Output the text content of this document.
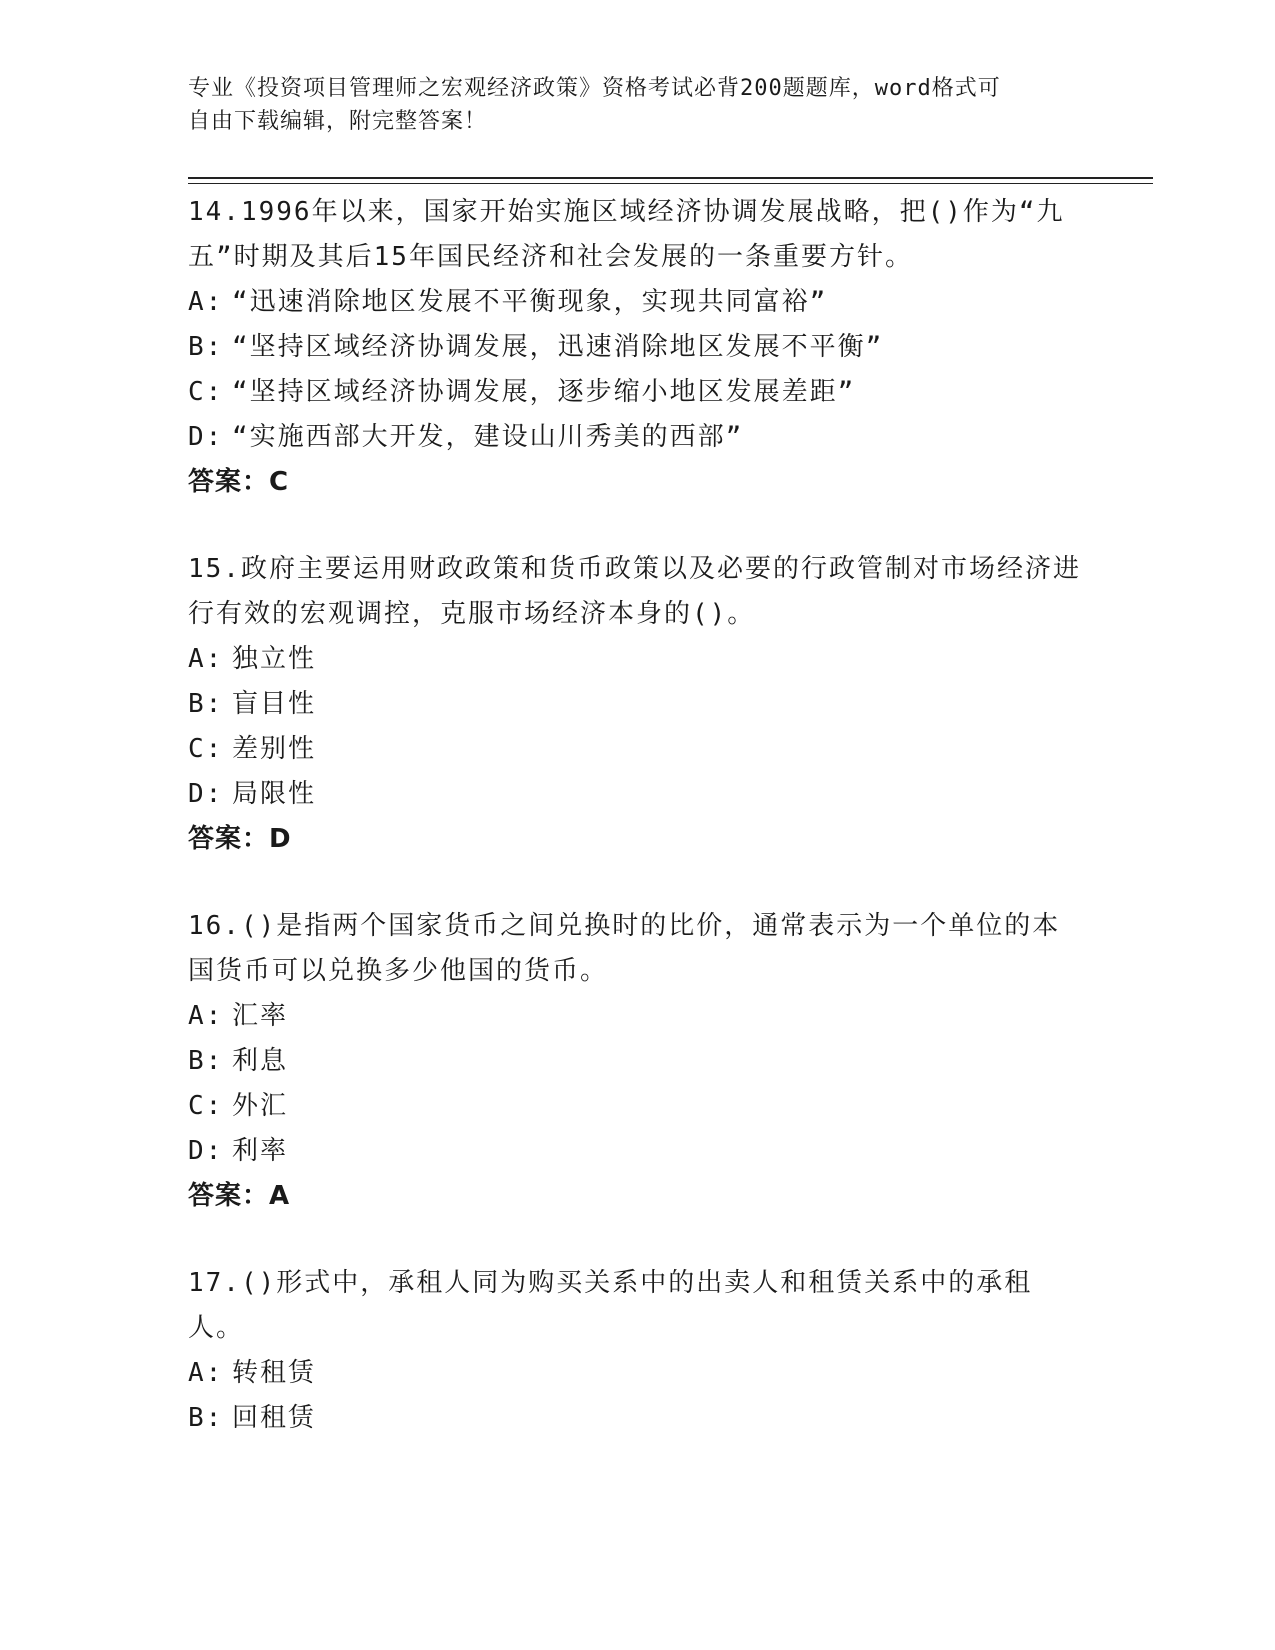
专业《投资项目管理师之宏观经济政策》资格考试必背200题题库，word格式可
自由下载编辑，附完整答案！
14.1996年以来，国家开始实施区域经济协调发展战略，把()作为“九五”时期及其后15年国民经济和社会发展的一条重要方针。
A: “迅速消除地区发展不平衡现象，实现共同富裕”
B: “坚持区域经济协调发展，迅速消除地区发展不平衡”
C: “坚持区域经济协调发展，逐步缩小地区发展差距”
D: “实施西部大开发，建设山川秀美的西部”
答案：C
15.政府主要运用财政政策和货币政策以及必要的行政管制对市场经济进行有效的宏观调控，克服市场经济本身的()。
A: 独立性
B: 盲目性
C: 差别性
D: 局限性
答案：D
16.()是指两个国家货币之间兑换时的比价，通常表示为一个单位的本国货币可以兑换多少他国的货币。
A: 汇率
B: 利息
C: 外汇
D: 利率
答案：A
17.()形式中，承租人同为购买关系中的出卖人和租赁关系中的承租人。
A: 转租赁
B: 回租赁
